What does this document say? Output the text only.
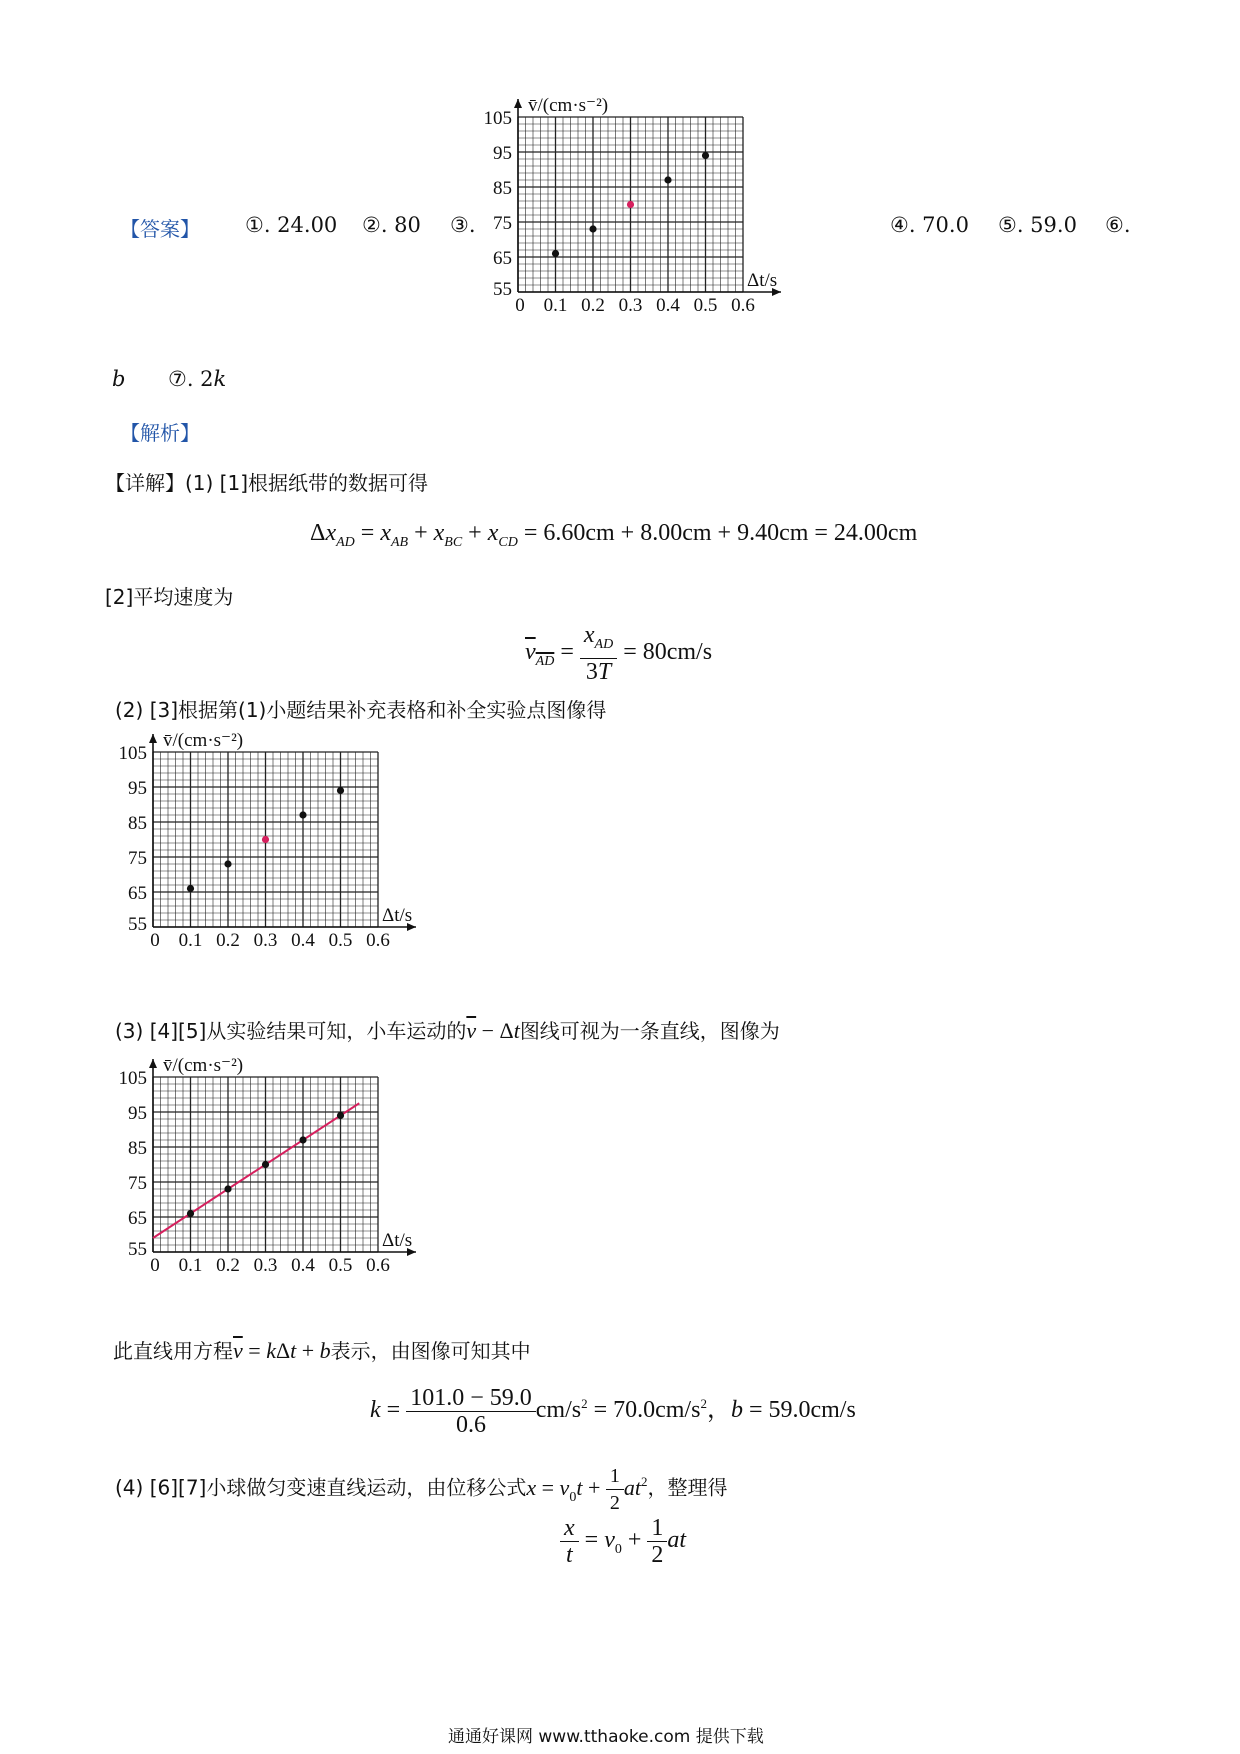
【答案】 ①. 24.00 ②. 80 ③.	④. 70.0 ⑤. 59.0 ⑥.
0 0.1 0.2 0.3 0.4 0.5 0.6
55
65
75
85
95
105
v̄/(cm·s⁻²)
Δt/s
b ⑦. 2k
【解析】
【详解】(1) [1]根据纸带的数据可得
$\Delta x_{AD} = x_{AB} + x_{BC} + x_{CD} = 6.60cm + 8.00cm + 9.40cm = 24.00cm$
[2]平均速度为
$v_{AD} = \frac{x_{AD}}{3T} = 80cm/s$
(2) [3]根据第(1)小题结果补充表格和补全实验点图像得
0 0.1 0.2 0.3 0.4 0.5 0.6
55
65
75
85
95
105
v̄/(cm·s⁻²)
Δt/s
(3) [4][5]从实验结果可知，小车运动的$\overline{v} - \Delta t$图线可视为一条直线，图像为
0 0.1 0.2 0.3 0.4 0.5 0.6
55
65
75
85
95
105
v̄/(cm·s⁻²)
Δt/s
此直线用方程$\overline{v} = k\Delta t + b$表示，由图像可知其中
$k = \frac{101.0 - 59.0}{0.6} cm/s^2 = 70.0cm/s^2$，b = 59.0cm/s
(4) [6][7]小球做匀变速直线运动，由位移公式$x = v_0t + \frac{1}{2} at^2$，整理得
$\frac{x}{t} = v_0 + \frac{1}{2}$ at
通通好课网 www.tthaoke.com 提供下载
